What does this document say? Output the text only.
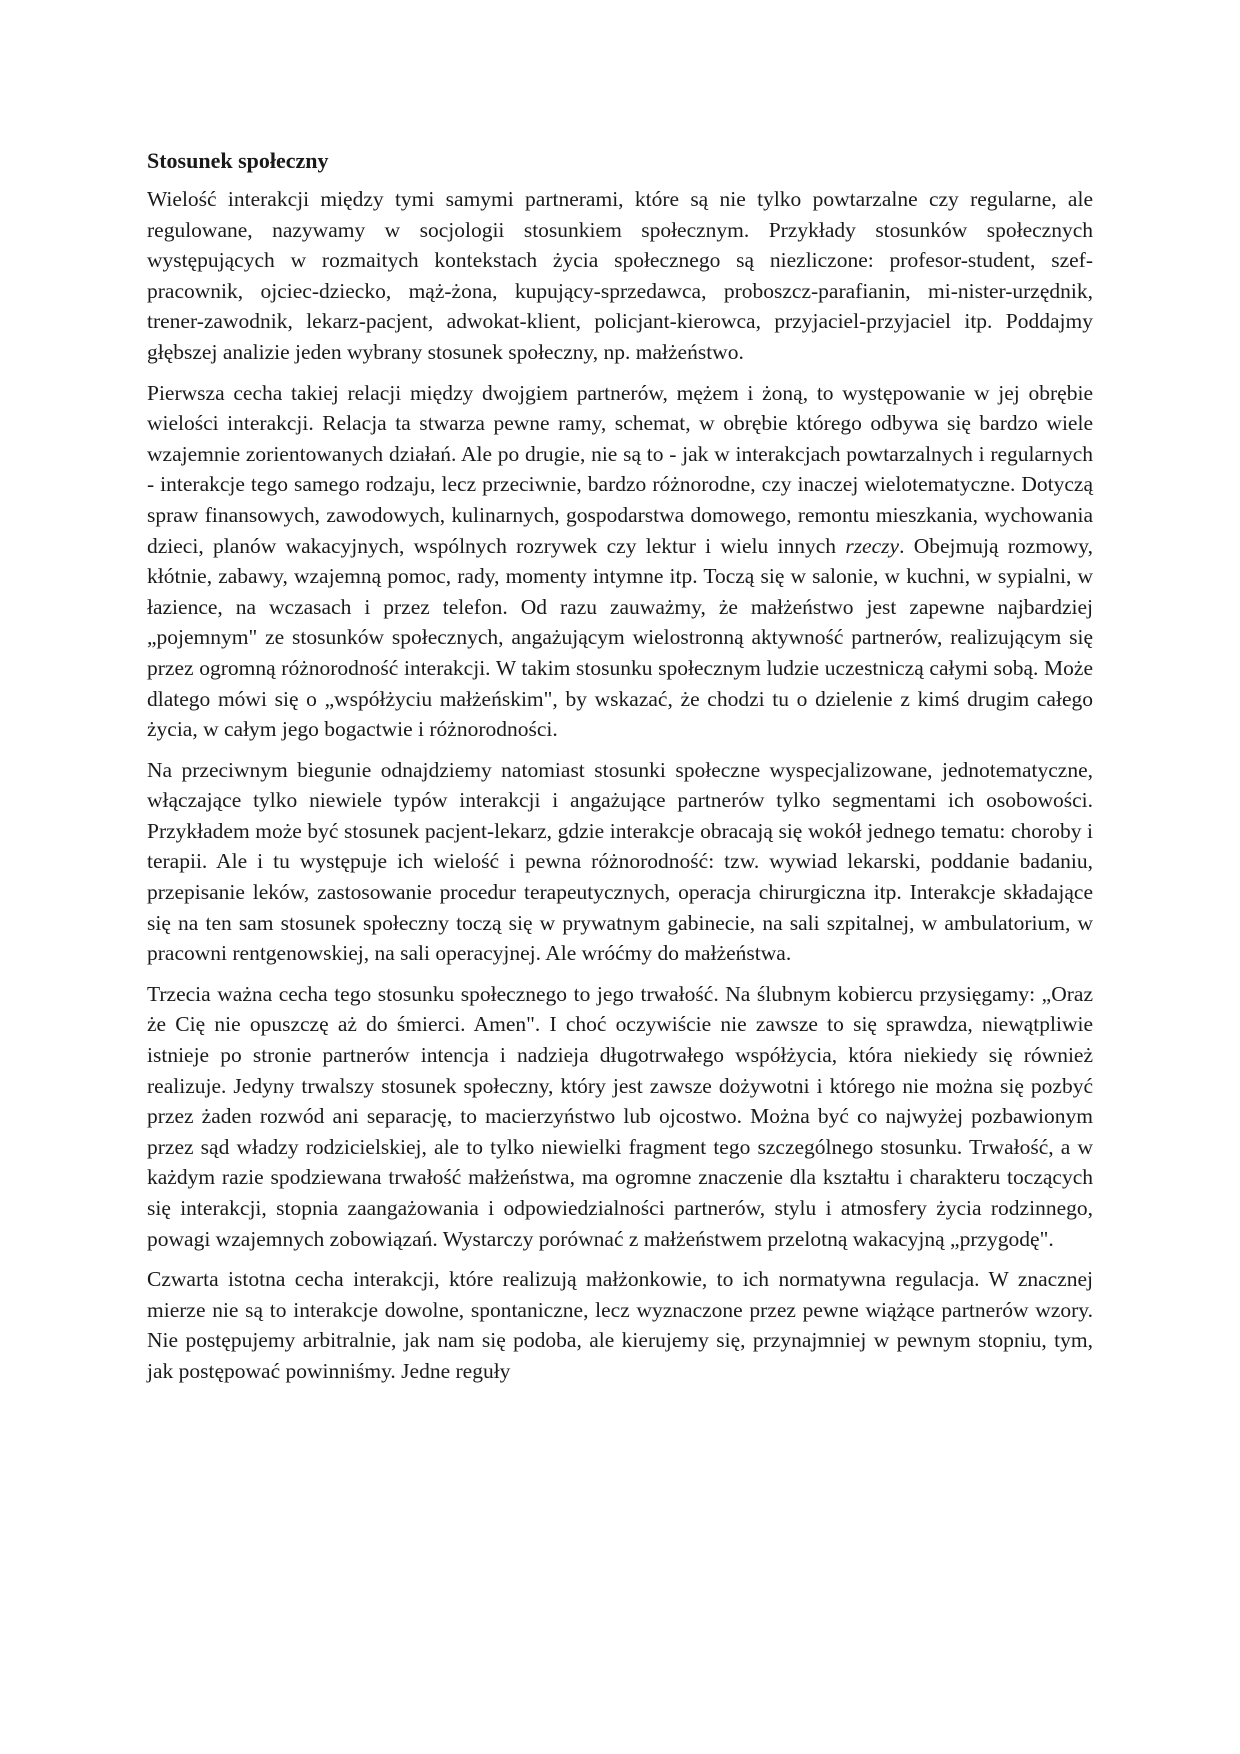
Stosunek społeczny

Wielość interakcji między tymi samymi partnerami, które są nie tylko powtarzalne czy regularne, ale regulowane, nazywamy w socjologii stosunkiem społecznym. Przykłady stosunków społecznych występujących w rozmaitych kontekstach życia społecznego są niezliczone: profesor-student, szef-pracownik, ojciec-dziecko, mąż-żona, kupujący-sprzedawca, proboszcz-parafianin, mi-nister-urzędnik, trener-zawodnik, lekarz-pacjent, adwokat-klient, policjant-kierowca, przyjaciel-przyjaciel itp. Poddajmy głębszej analizie jeden wybrany stosunek społeczny, np. małżeństwo.

Pierwsza cecha takiej relacji między dwojgiem partnerów, mężem i żoną, to występowanie w jej obrębie wielości interakcji. Relacja ta stwarza pewne ramy, schemat, w obrębie którego odbywa się bardzo wiele wzajemnie zorientowanych działań. Ale po drugie, nie są to - jak w interakcjach powtarzalnych i regularnych - interakcje tego samego rodzaju, lecz przeciwnie, bardzo różnorodne, czy inaczej wielotematyczne. Dotyczą spraw finansowych, zawodowych, kulinarnych, gospodarstwa domowego, remontu mieszkania, wychowania dzieci, planów wakacyjnych, wspólnych rozrywek czy lektur i wielu innych rzeczy. Obejmują rozmowy, kłótnie, zabawy, wzajemną pomoc, rady, momenty intymne itp. Toczą się w salonie, w kuchni, w sypialni, w łazience, na wczasach i przez telefon. Od razu zauważmy, że małżeństwo jest zapewne najbardziej „pojemnym" ze stosunków społecznych, angażującym wielostronną aktywność partnerów, realizującym się przez ogromną różnorodność interakcji. W takim stosunku społecznym ludzie uczestniczą całymi sobą. Może dlatego mówi się o „współżyciu małżeńskim", by wskazać, że chodzi tu o dzielenie z kimś drugim całego życia, w całym jego bogactwie i różnorodności.

Na przeciwnym biegunie odnajdziemy natomiast stosunki społeczne wyspecjalizowane, jednotematyczne, włączające tylko niewiele typów interakcji i angażujące partnerów tylko segmentami ich osobowości. Przykładem może być stosunek pacjent-lekarz, gdzie interakcje obracają się wokół jednego tematu: choroby i terapii. Ale i tu występuje ich wielość i pewna różnorodność: tzw. wywiad lekarski, poddanie badaniu, przepisanie leków, zastosowanie procedur terapeutycznych, operacja chirurgiczna itp. Interakcje składające się na ten sam stosunek społeczny toczą się w prywatnym gabinecie, na sali szpitalnej, w ambulatorium, w pracowni rentgenowskiej, na sali operacyjnej. Ale wróćmy do małżeństwa.

Trzecia ważna cecha tego stosunku społecznego to jego trwałość. Na ślubnym kobiercu przysięgamy: „Oraz że Cię nie opuszczę aż do śmierci. Amen". I choć oczywiście nie zawsze to się sprawdza, niewątpliwie istnieje po stronie partnerów intencja i nadzieja długotrwałego współżycia, która niekiedy się również realizuje. Jedyny trwalszy stosunek społeczny, który jest zawsze dożywotni i którego nie można się pozbyć przez żaden rozwód ani separację, to macierzyństwo lub ojcostwo. Można być co najwyżej pozbawionym przez sąd władzy rodzicielskiej, ale to tylko niewielki fragment tego szczególnego stosunku. Trwałość, a w każdym razie spodziewana trwałość małżeństwa, ma ogromne znaczenie dla kształtu i charakteru toczących się interakcji, stopnia zaangażowania i odpowiedzialności partnerów, stylu i atmosfery życia rodzinnego, powagi wzajemnych zobowiązań. Wystarczy porównać z małżeństwem przelotną wakacyjną „przygodę".

Czwarta istotna cecha interakcji, które realizują małżonkowie, to ich normatywna regulacja. W znacznej mierze nie są to interakcje dowolne, spontaniczne, lecz wyznaczone przez pewne wiążące partnerów wzory. Nie postępujemy arbitralnie, jak nam się podoba, ale kierujemy się, przynajmniej w pewnym stopniu, tym, jak postępować powinniśmy. Jedne reguły
